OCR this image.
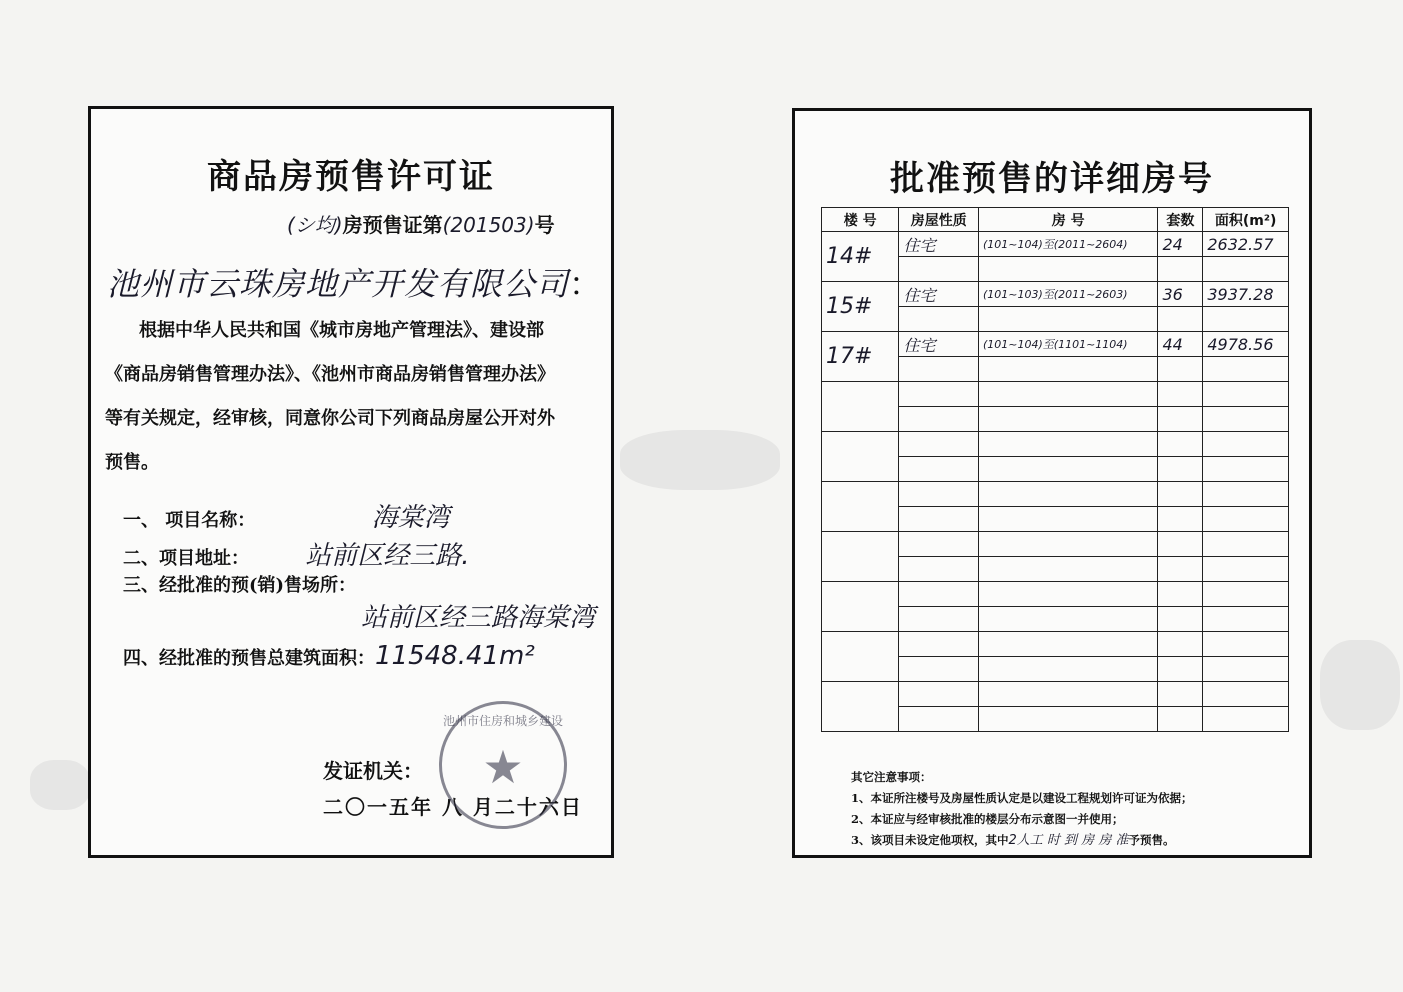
商品房预售许可证
(シ均)房预售证第(201503)号
池州市云珠房地产开发有限公司：
根据中华人民共和国《城市房地产管理法》、建设部
《商品房销售管理办法》、《池州市商品房销售管理办法》
等有关规定，经审核，同意你公司下列商品房屋公开对外
预售。
一、 项目名称：	海棠湾
二、项目地址： 站前区经三路.
三、经批准的预(销)售场所：
站前区经三路海棠湾
四、经批准的预售总建筑面积：11548.41m²
发证机关：
二〇一五年 八 月二十六日
池州市住房和城乡建设
★
批准预售的详细房号
楼 号	房屋性质	房 号	套数	面积(m²)
14#	住宅	(101~104)至(2011~2604)	24	2632.57

15#	住宅	(101~103)至(2011~2603)	36	3937.28

17#	住宅	(101~104)至(1101~1104)	44	4978.56

其它注意事项：
1、本证所注楼号及房屋性质认定是以建设工程规划许可证为依据；
2、本证应与经审核批准的楼层分布示意图一并使用；
3、该项目未设定他项权，其中2人工 时 到 房 房 准予预售。
